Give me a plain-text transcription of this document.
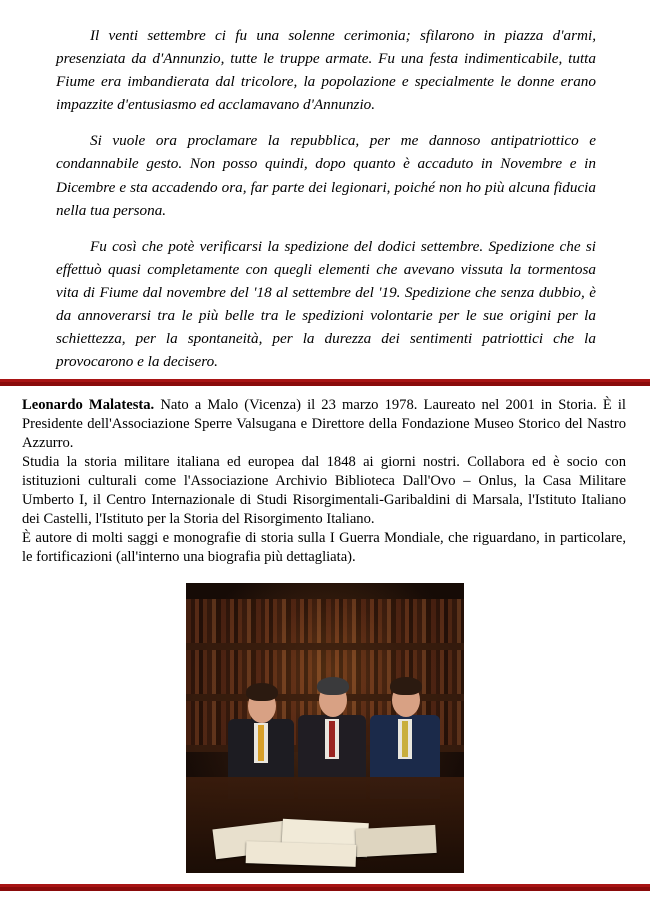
Il venti settembre ci fu una solenne cerimonia; sfilarono in piazza d'armi, presenziata da d'Annunzio, tutte le truppe armate. Fu una festa indimenticabile, tutta Fiume era imbandierata dal tricolore, la popolazione e specialmente le donne erano impazzite d'entusiasmo ed acclamavano d'Annunzio.

Si vuole ora proclamare la repubblica, per me dannoso antipatriottico e condannabile gesto. Non posso quindi, dopo quanto è accaduto in Novembre e in Dicembre e sta accadendo ora, far parte dei legionari, poiché non ho più alcuna fiducia nella tua persona.

Fu così che potè verificarsi la spedizione del dodici settembre. Spedizione che si effettuò quasi completamente con quegli elementi che avevano vissuta la tormentosa vita di Fiume dal novembre del '18 al settembre del '19. Spedizione che senza dubbio, è da annoverarsi tra le più belle tra le spedizioni volontarie per le sue origini per la schiettezza, per la spontaneità, per la durezza dei sentimenti patriottici che la provocarono e la decisero.

Leonardo Malatesta. Nato a Malo (Vicenza) il 23 marzo 1978. Laureato nel 2001 in Storia. È il Presidente dell'Associazione Sperre Valsugana e Direttore della Fondazione Museo Storico del Nastro Azzurro.

Studia la storia militare italiana ed europea dal 1848 ai giorni nostri. Collabora ed è socio con istituzioni culturali come l'Associazione Archivio Biblioteca Dall'Ovo – Onlus, la Casa Militare Umberto I, il Centro Internazionale di Studi Risorgimentali-Garibaldini di Marsala, l'Istituto Italiano dei Castelli, l'Istituto per la Storia del Risorgimento Italiano.

È autore di molti saggi e monografie di storia sulla I Guerra Mondiale, che riguardano, in particolare, le fortificazioni (all'interno una biografia più dettagliata).
